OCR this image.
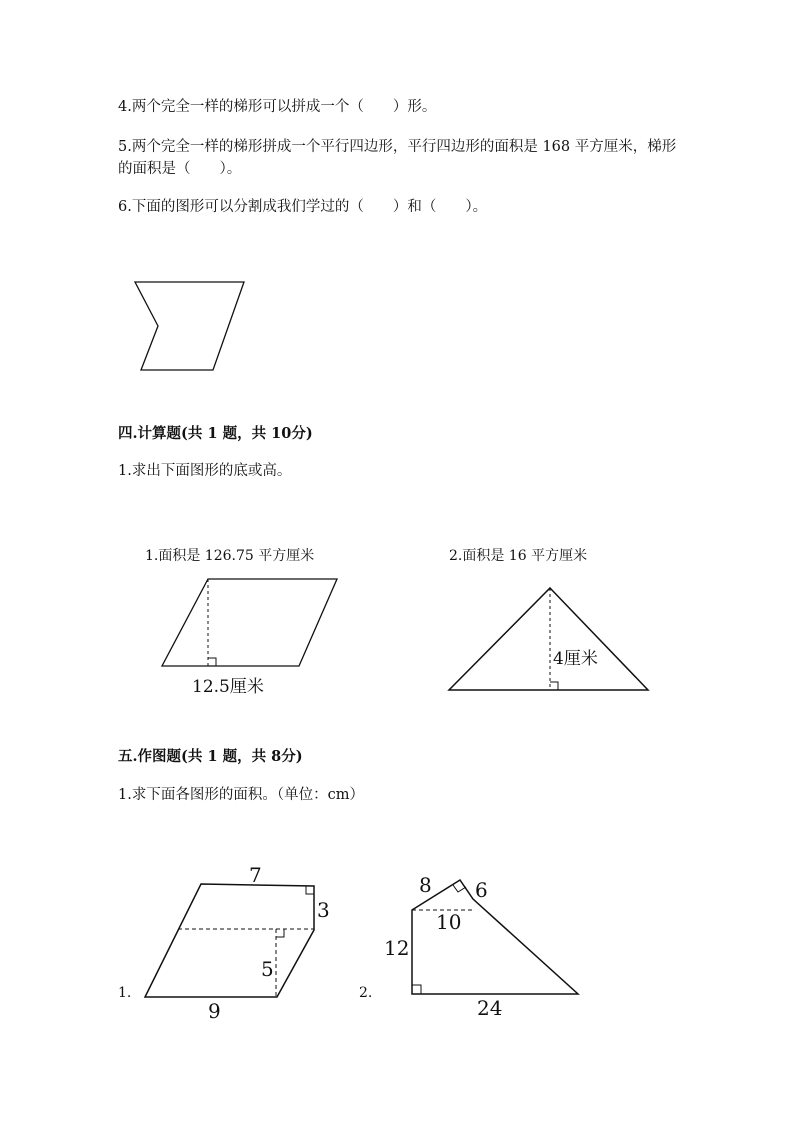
4.两个完全一样的梯形可以拼成一个（　　）形。
5.两个完全一样的梯形拼成一个平行四边形，平行四边形的面积是 168 平方厘米，梯形的面积是（　　）。
6.下面的图形可以分割成我们学过的（　　）和（　　）。
四.计算题(共 1 题，共 10分)
1.求出下面图形的底或高。
1.面积是 126.75 平方厘米	2.面积是 16 平方厘米
12.5厘米
4厘米
五.作图题(共 1 题，共 8分)
1.求下面各图形的面积。（单位：cm）
7
3
5
9
1.
8 6
10
12
24
2.
